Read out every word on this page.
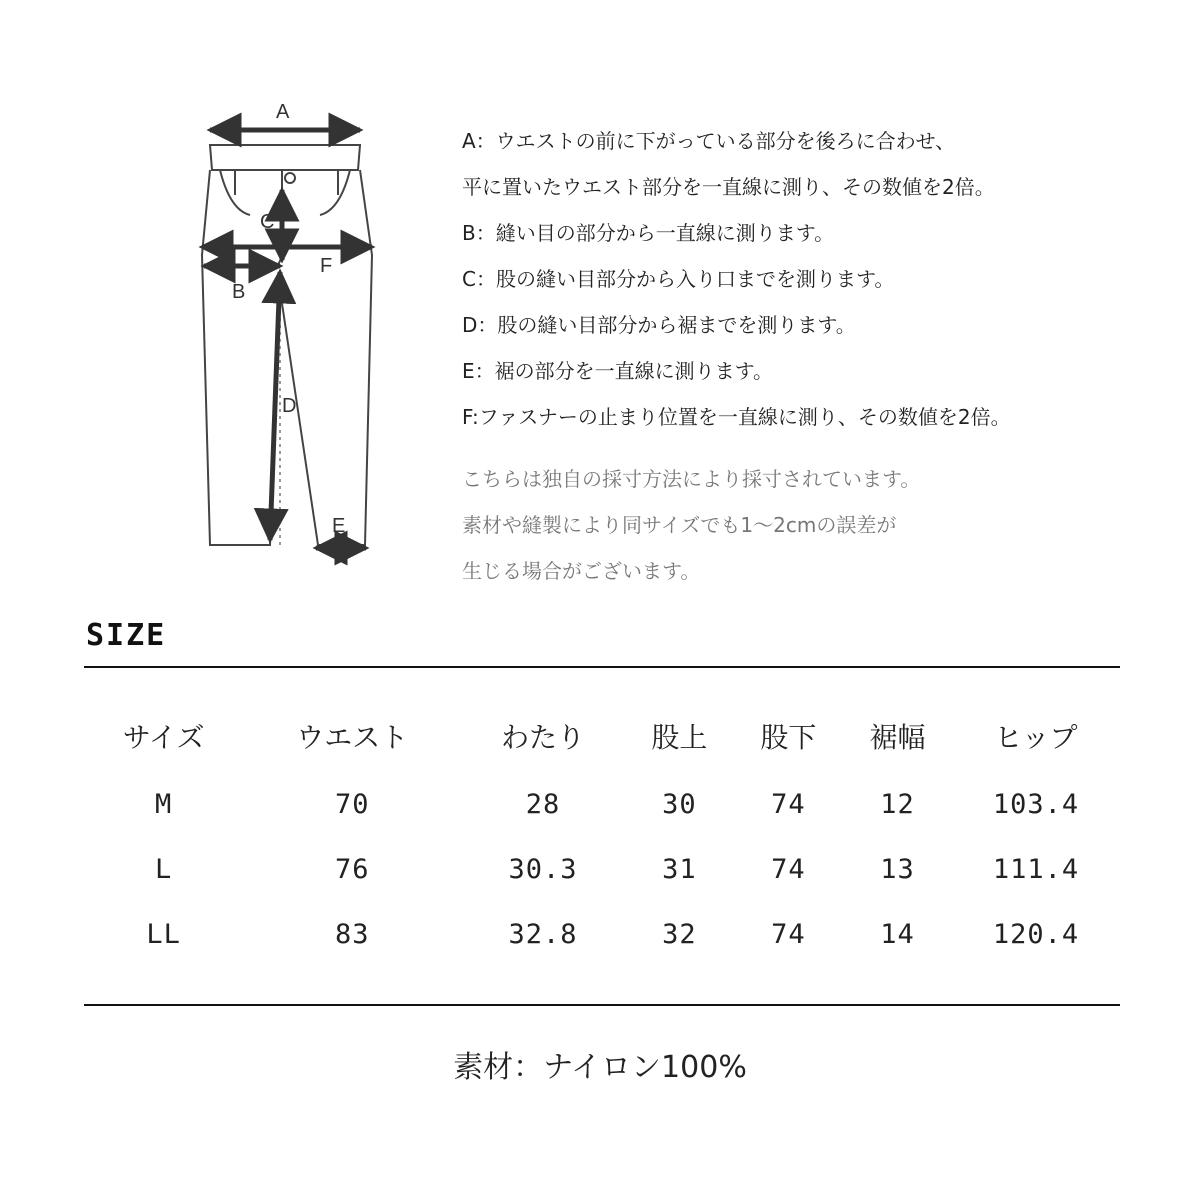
A
C
F
B
D
E
A：ウエストの前に下がっている部分を後ろに合わせ、
平に置いたウエスト部分を一直線に測り、その数値を2倍。
B：縫い目の部分から一直線に測ります。
C：股の縫い目部分から入り口までを測ります。
D：股の縫い目部分から裾までを測ります。
E：裾の部分を一直線に測ります。
F:ファスナーの止まり位置を一直線に測り、その数値を2倍。
こちらは独自の採寸方法により採寸されています。
素材や縫製により同サイズでも1〜2cmの誤差が
生じる場合がございます。
SIZE
サイズ	ウエスト	わたり	股上	股下	裾幅	ヒップ
M	70	28	30	74	12	103.4
L	76	30.3	31	74	13	111.4
LL	83	32.8	32	74	14	120.4
素材：ナイロン100%
